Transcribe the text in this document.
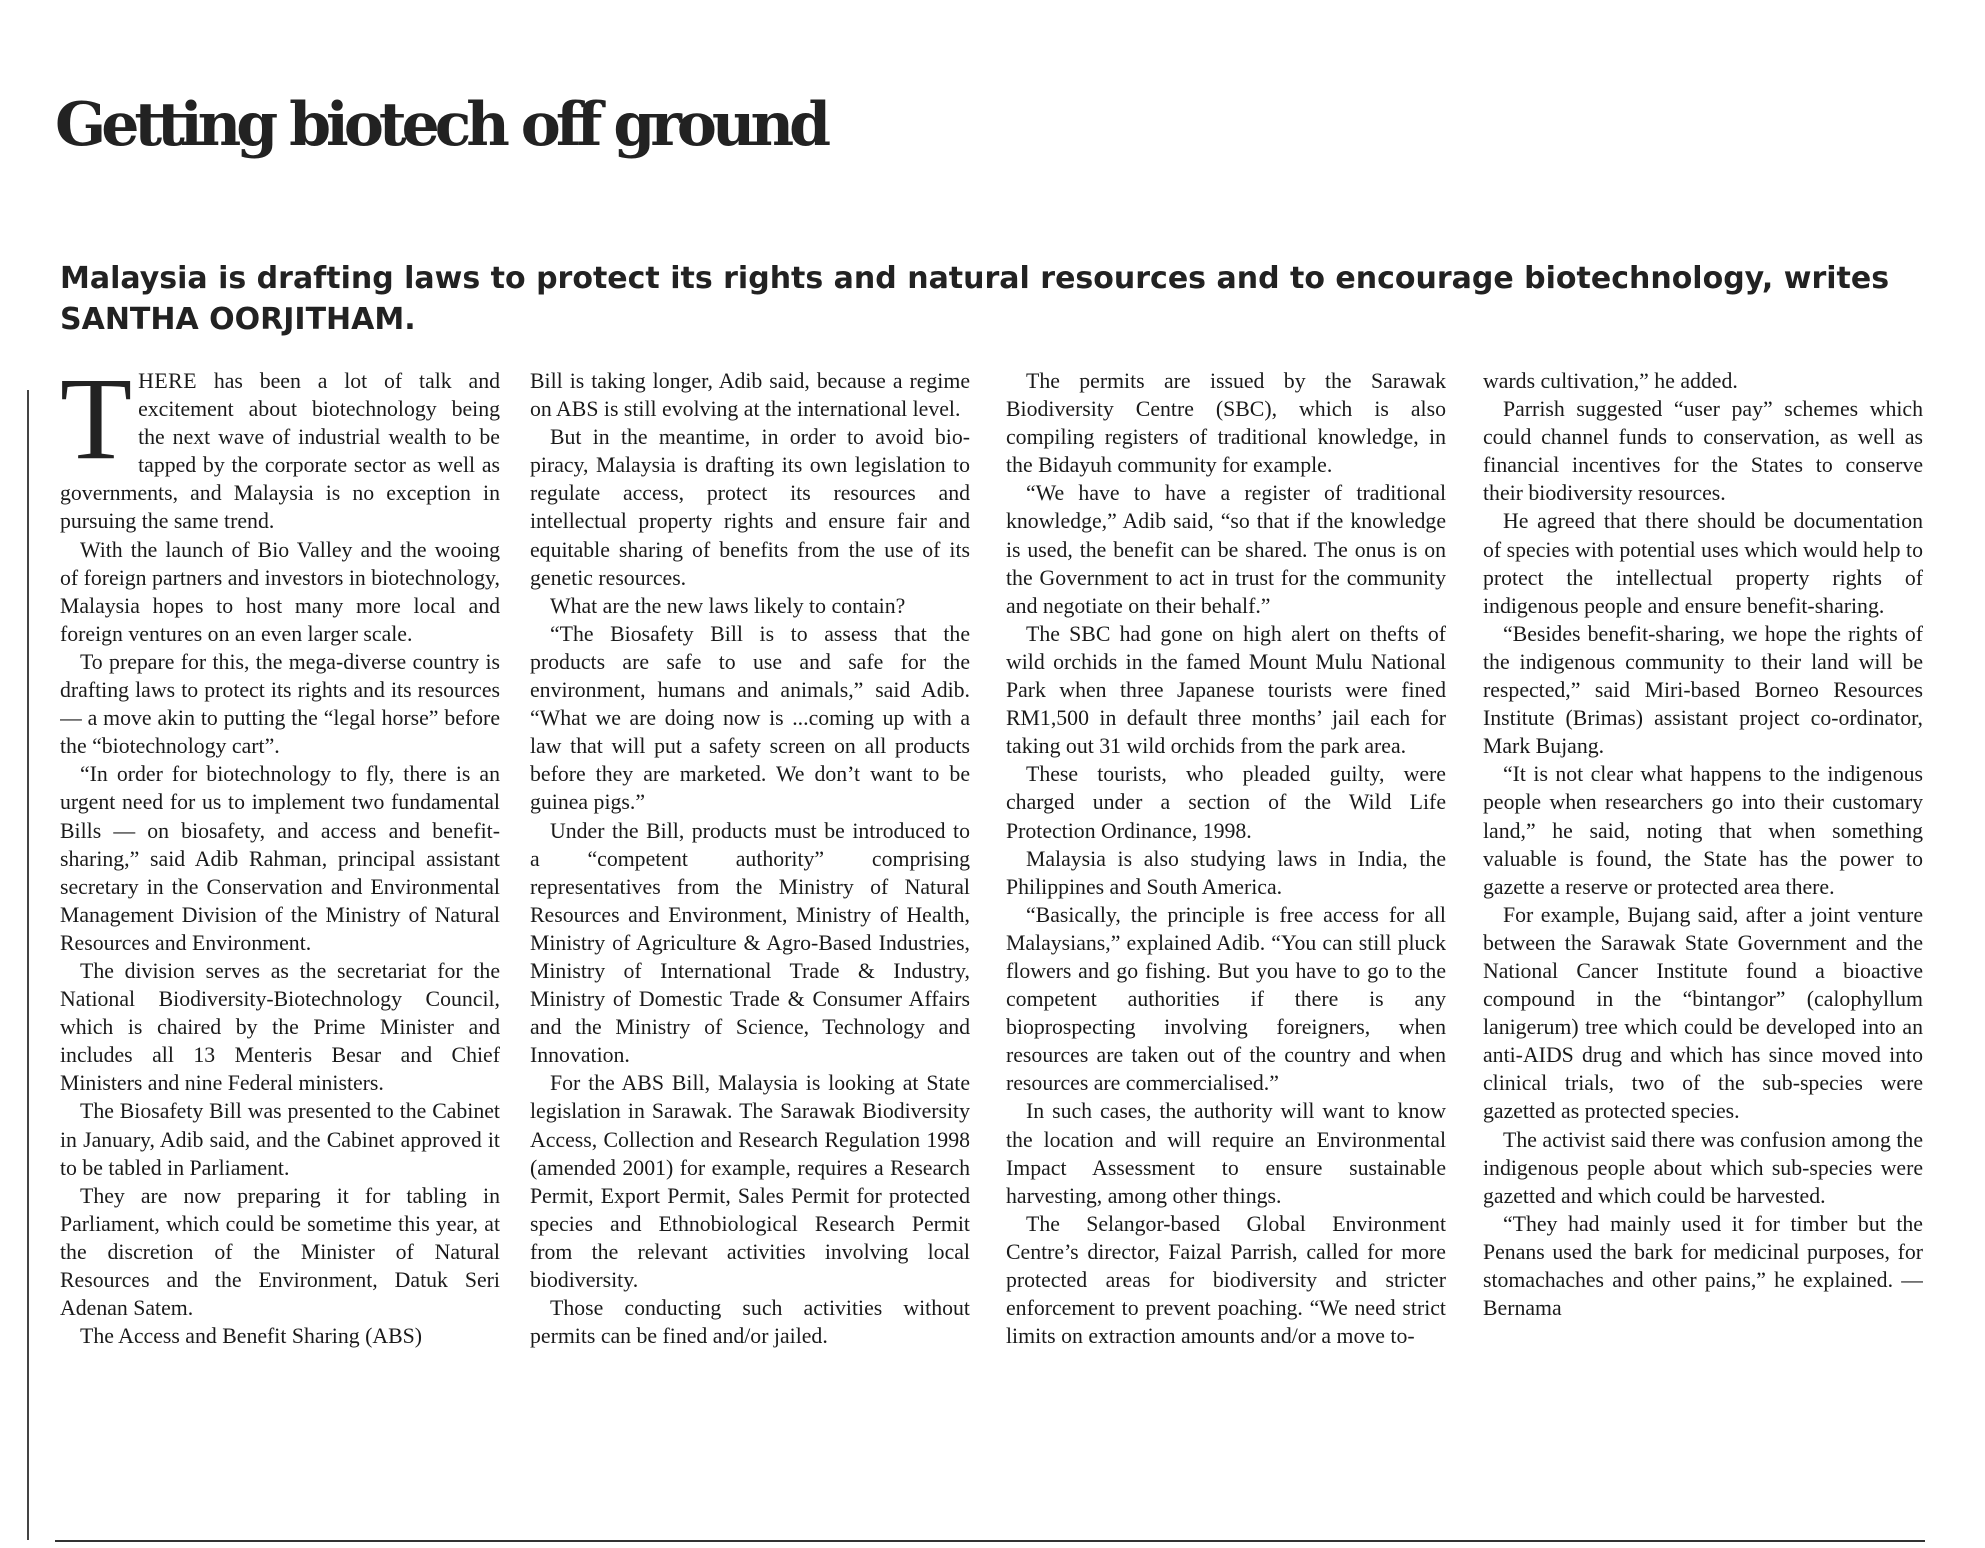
Getting biotech off ground

Malaysia is drafting laws to protect its rights and natural resources and to encourage biotechnology, writes SANTHA OORJITHAM.

THERE has been a lot of talk and excitement about biotechnology being the next wave of industrial wealth to be tapped by the corporate sector as well as governments, and Malaysia is no exception in pursuing the same trend.

With the launch of Bio Valley and the wooing of foreign partners and investors in biotechnology, Malaysia hopes to host many more local and foreign ventures on an even larger scale.

To prepare for this, the mega-diverse country is drafting laws to protect its rights and its resources — a move akin to putting the “legal horse” before the “biotechnology cart”.

“In order for biotechnology to fly, there is an urgent need for us to implement two fundamental Bills — on biosafety, and access and benefit-sharing,” said Adib Rahman, principal assistant secretary in the Conservation and Environmental Management Division of the Ministry of Natural Resources and Environment.

The division serves as the secretariat for the National Biodiversity-Biotechnology Council, which is chaired by the Prime Minister and includes all 13 Menteris Besar and Chief Ministers and nine Federal ministers.

The Biosafety Bill was presented to the Cabinet in January, Adib said, and the Cabinet approved it to be tabled in Parliament.

They are now preparing it for tabling in Parliament, which could be sometime this year, at the discretion of the Minister of Natural Resources and the Environment, Datuk Seri Adenan Satem.

The Access and Benefit Sharing (ABS)

Bill is taking longer, Adib said, because a regime on ABS is still evolving at the international level.

But in the meantime, in order to avoid bio-piracy, Malaysia is drafting its own legislation to regulate access, protect its resources and intellectual property rights and ensure fair and equitable sharing of benefits from the use of its genetic resources.

What are the new laws likely to contain?

“The Biosafety Bill is to assess that the products are safe to use and safe for the environment, humans and animals,” said Adib. “What we are doing now is ...coming up with a law that will put a safety screen on all products before they are marketed. We don’t want to be guinea pigs.”

Under the Bill, products must be introduced to a “competent authority” comprising representatives from the Ministry of Natural Resources and Environment, Ministry of Health, Ministry of Agriculture & Agro-Based Industries, Ministry of International Trade & Industry, Ministry of Domestic Trade & Consumer Affairs and the Ministry of Science, Technology and Innovation.

For the ABS Bill, Malaysia is looking at State legislation in Sarawak. The Sarawak Biodiversity Access, Collection and Research Regulation 1998 (amended 2001) for example, requires a Research Permit, Export Permit, Sales Permit for protected species and Ethnobiological Research Permit from the relevant activities involving local biodiversity.

Those conducting such activities without permits can be fined and/or jailed.

The permits are issued by the Sarawak Biodiversity Centre (SBC), which is also compiling registers of traditional knowledge, in the Bidayuh community for example.

“We have to have a register of traditional knowledge,” Adib said, “so that if the knowledge is used, the benefit can be shared. The onus is on the Government to act in trust for the community and negotiate on their behalf.”

The SBC had gone on high alert on thefts of wild orchids in the famed Mount Mulu National Park when three Japanese tourists were fined RM1,500 in default three months’ jail each for taking out 31 wild orchids from the park area.

These tourists, who pleaded guilty, were charged under a section of the Wild Life Protection Ordinance, 1998.

Malaysia is also studying laws in India, the Philippines and South America.

“Basically, the principle is free access for all Malaysians,” explained Adib. “You can still pluck flowers and go fishing. But you have to go to the competent authorities if there is any bioprospecting involving foreigners, when resources are taken out of the country and when resources are commercialised.”

In such cases, the authority will want to know the location and will require an Environmental Impact Assessment to ensure sustainable harvesting, among other things.

The Selangor-based Global Environment Centre’s director, Faizal Parrish, called for more protected areas for biodiversity and stricter enforcement to prevent poaching. “We need strict limits on extraction amounts and/or a move to-

wards cultivation,” he added.

Parrish suggested “user pay” schemes which could channel funds to conservation, as well as financial incentives for the States to conserve their biodiversity resources.

He agreed that there should be documentation of species with potential uses which would help to protect the intellectual property rights of indigenous people and ensure benefit-sharing.

“Besides benefit-sharing, we hope the rights of the indigenous community to their land will be respected,” said Miri-based Borneo Resources Institute (Brimas) assistant project co-ordinator, Mark Bujang.

“It is not clear what happens to the indigenous people when researchers go into their customary land,” he said, noting that when something valuable is found, the State has the power to gazette a reserve or protected area there.

For example, Bujang said, after a joint venture between the Sarawak State Government and the National Cancer Institute found a bioactive compound in the “bintangor” (calophyllum lanigerum) tree which could be developed into an anti-AIDS drug and which has since moved into clinical trials, two of the sub-species were gazetted as protected species.

The activist said there was confusion among the indigenous people about which sub-species were gazetted and which could be harvested.

“They had mainly used it for timber but the Penans used the bark for medicinal purposes, for stomachaches and other pains,” he explained. — Bernama
